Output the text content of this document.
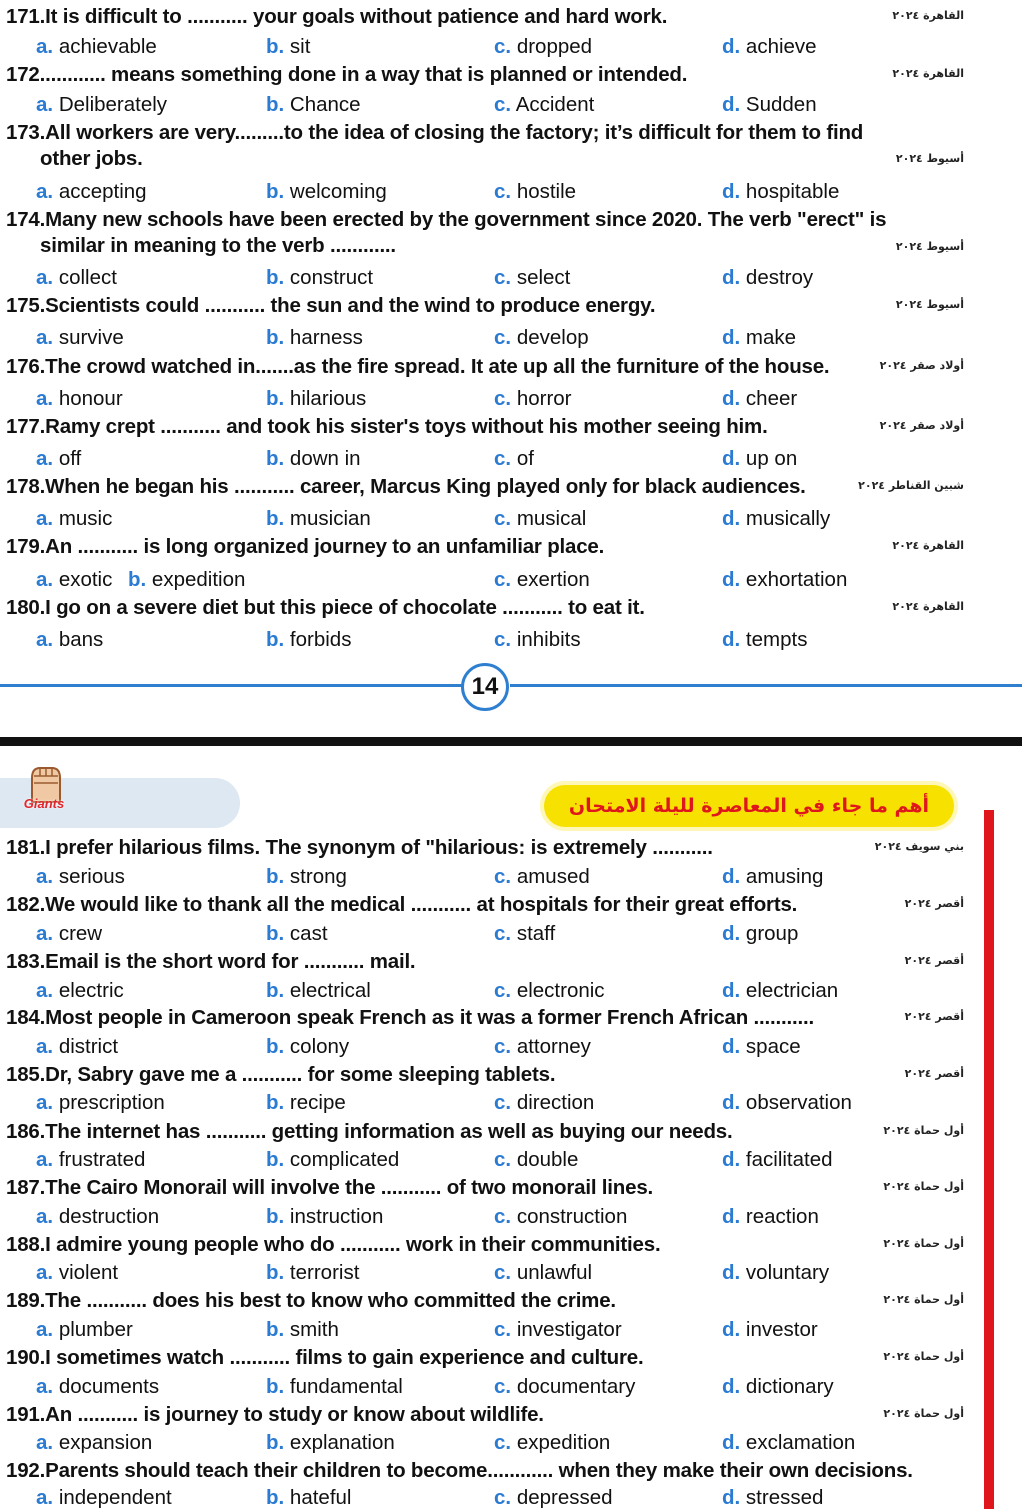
171.It is difficult to ........... your goals without patience and hard work.	القاهرة ٢٠٢٤
a. achievable	b. sit	c. dropped	d. achieve
172............ means something done in a way that is planned or intended.	القاهرة ٢٠٢٤
a. Deliberately	b. Chance	c. Accident	d. Sudden
173.All workers are very.........to the idea of closing the factory; it’s difficult for them to find
other jobs.	أسيوط ٢٠٢٤
a. accepting	b. welcoming	c. hostile	d. hospitable
174.Many new schools have been erected by the government since 2020. The verb "erect" is
similar in meaning to the verb ............	أسيوط ٢٠٢٤
a. collect	b. construct	c. select	d. destroy
175.Scientists could ........... the sun and the wind to produce energy.	أسيوط ٢٠٢٤
a. survive	b. harness	c. develop	d. make
176.The crowd watched in.......as the fire spread. It ate up all the furniture of the house.	أولاد صقر ٢٠٢٤
a. honour	b. hilarious	c. horror	d. cheer
177.Ramy crept ........... and took his sister's toys without his mother seeing him.	أولاد صقر ٢٠٢٤
a. off	b. down in	c. of	d. up on
178.When he began his ........... career, Marcus King played only for black audiences.	شبين القناطر ٢٠٢٤
a. music	b. musician	c. musical	d. musically
179.An ........... is long organized journey to an unfamiliar place.	القاهرة ٢٠٢٤
a. exotic b. expedition	c. exertion	d. exhortation
180.I go on a severe diet but this piece of chocolate ........... to eat it.	القاهرة ٢٠٢٤
a. bans	b. forbids	c. inhibits	d. tempts
181.I prefer hilarious films. The synonym of "hilarious: is extremely ...........	بني سويف ٢٠٢٤
a. serious	b. strong	c. amused	d. amusing
182.We would like to thank all the medical ........... at hospitals for their great efforts.	أقصر ٢٠٢٤
a. crew	b. cast	c. staff	d. group
183.Email is the short word for ........... mail.	أقصر ٢٠٢٤
a. electric	b. electrical	c. electronic	d. electrician
184.Most people in Cameroon speak French as it was a former French African ...........	أقصر ٢٠٢٤
a. district	b. colony	c. attorney	d. space
185.Dr, Sabry gave me a ........... for some sleeping tablets.	أقصر ٢٠٢٤
a. prescription	b. recipe	c. direction	d. observation
186.The internet has ........... getting information as well as buying our needs.	أول حماة ٢٠٢٤
a. frustrated	b. complicated	c. double	d. facilitated
187.The Cairo Monorail will involve the ........... of two monorail lines.	أول حماة ٢٠٢٤
a. destruction	b. instruction	c. construction	d. reaction
188.I admire young people who do ........... work in their communities.	أول حماة ٢٠٢٤
a. violent	b. terrorist	c. unlawful	d. voluntary
189.The ........... does his best to know who committed the crime.	أول حماة ٢٠٢٤
a. plumber	b. smith	c. investigator	d. investor
190.I sometimes watch ........... films to gain experience and culture.	أول حماة ٢٠٢٤
a. documents	b. fundamental	c. documentary	d. dictionary
191.An ........... is journey to study or know about wildlife.	أول حماة ٢٠٢٤
a. expansion	b. explanation	c. expedition	d. exclamation
192.Parents should teach their children to become............ when they make their own decisions.
a. independent	b. hateful	c. depressed	d. stressed
14
Giants	أهم ما جاء في المعاصرة لليلة الامتحان
